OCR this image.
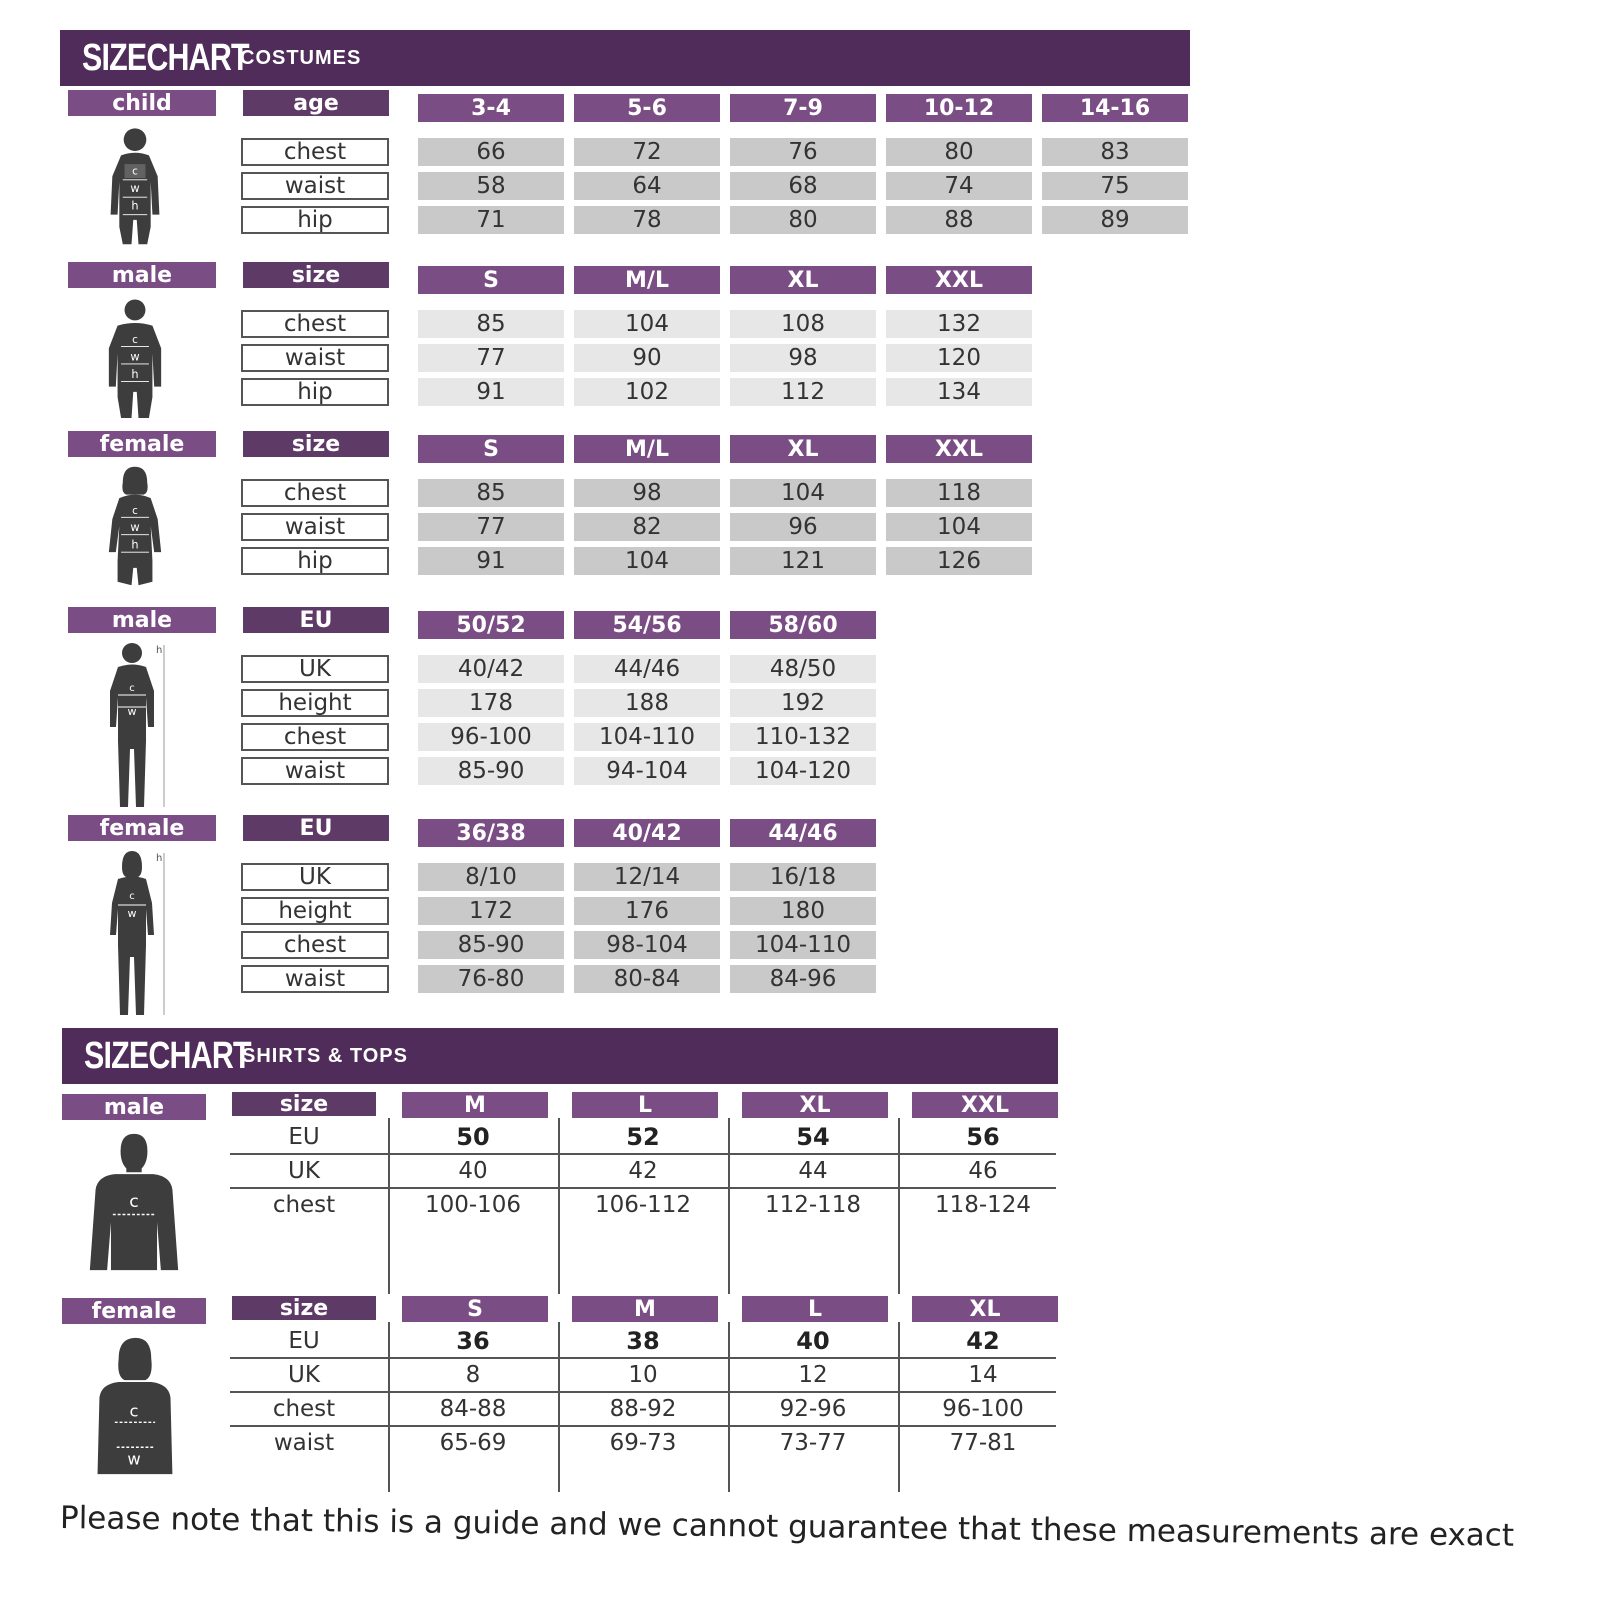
SIZECHART
COSTUMES
child	age	3-4	5-6	7-9	10-12	14-16
c
w
h
chest	66	72	76	80	83
waist	58	64	68	74	75
hip	71	78	80	88	89
male	size	S	M/L	XL	XXL
c
w
h
chest	85	104	108	132
waist	77	90	98	120
hip	91	102	112	134
female	size	S	M/L	XL	XXL
c
w
h
chest	85	98	104	118
waist	77	82	96	104
hip	91	104	121	126
male	EU	50/52	54/56	58/60
c
w
h
UK	40/42	44/46	48/50
height	178	188	192
chest	96-100	104-110	110-132
waist	85-90	94-104	104-120
female	EU	36/38	40/42	44/46
c
w
h
UK	8/10	12/14	16/18
height	172	176	180
chest	85-90	98-104	104-110
waist	76-80	80-84	84-96
SIZECHART
SHIRTS & TOPS
male	size	M	L	XL	XXL
c
EU	50	52	54	56
UK	40	42	44	46
chest	100-106	106-112	112-118	118-124
female	size	S	M	L	XL
c
w
EU	36	38	40	42
UK	8	10	12	14
chest	84-88	88-92	92-96	96-100
waist	65-69	69-73	73-77	77-81
Please note that this is a guide and we cannot guarantee that these measurements are exact
